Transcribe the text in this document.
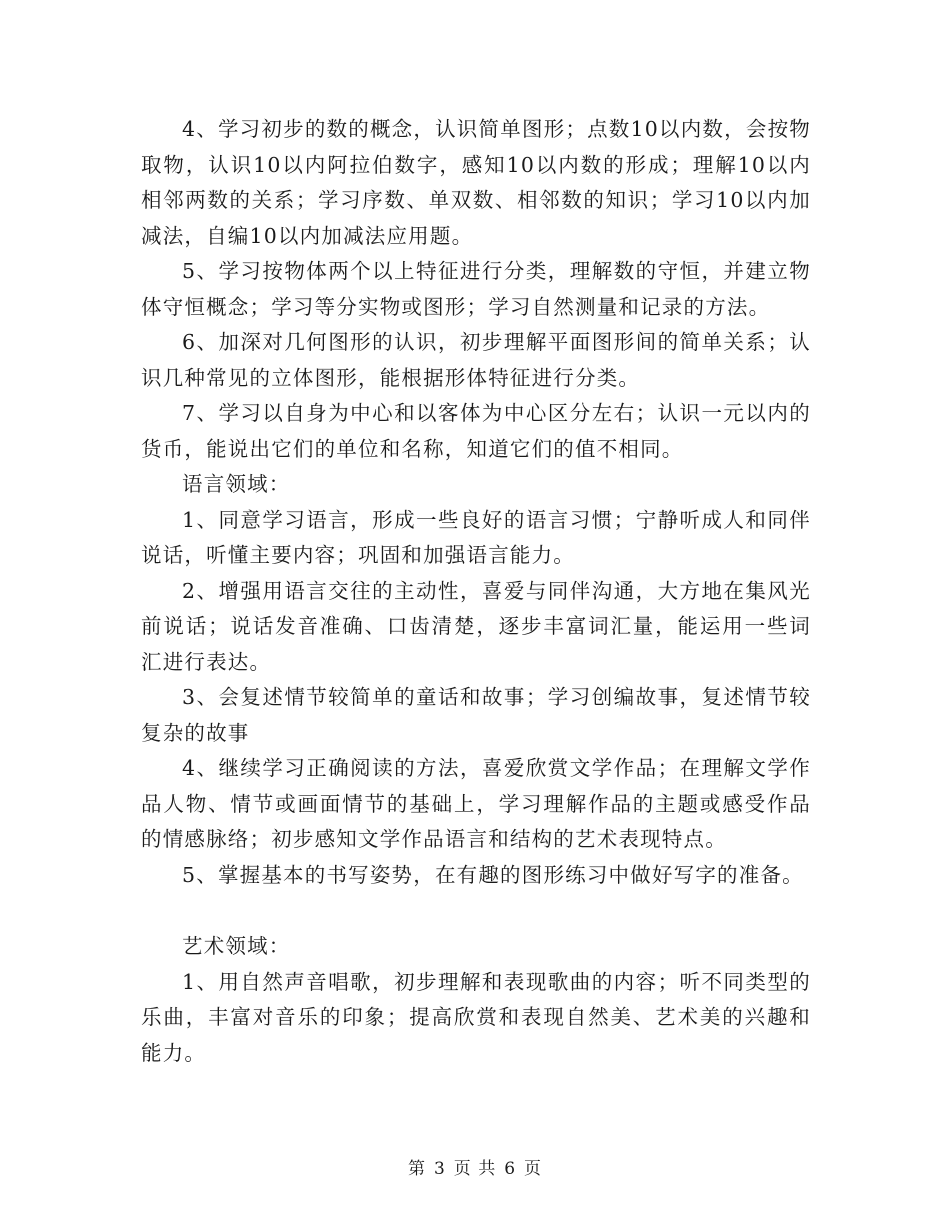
4、学习初步的数的概念，认识简单图形；点数10以内数，会按物取物，认识10以内阿拉伯数字，感知10以内数的形成；理解10以内相邻两数的关系；学习序数、单双数、相邻数的知识；学习10以内加减法，自编10以内加减法应用题。

5、学习按物体两个以上特征进行分类，理解数的守恒，并建立物体守恒概念；学习等分实物或图形；学习自然测量和记录的方法。

6、加深对几何图形的认识，初步理解平面图形间的简单关系；认识几种常见的立体图形，能根据形体特征进行分类。

7、学习以自身为中心和以客体为中心区分左右；认识一元以内的货币，能说出它们的单位和名称，知道它们的值不相同。

语言领域：

1、同意学习语言，形成一些良好的语言习惯；宁静听成人和同伴说话，听懂主要内容；巩固和加强语言能力。

2、增强用语言交往的主动性，喜爱与同伴沟通，大方地在集风光前说话；说话发音准确、口齿清楚，逐步丰富词汇量，能运用一些词汇进行表达。

3、会复述情节较简单的童话和故事；学习创编故事，复述情节较复杂的故事

4、继续学习正确阅读的方法，喜爱欣赏文学作品；在理解文学作品人物、情节或画面情节的基础上，学习理解作品的主题或感受作品的情感脉络；初步感知文学作品语言和结构的艺术表现特点。

5、掌握基本的书写姿势，在有趣的图形练习中做好写字的准备。

艺术领域：

1、用自然声音唱歌，初步理解和表现歌曲的内容；听不同类型的乐曲，丰富对音乐的印象；提高欣赏和表现自然美、艺术美的兴趣和能力。

第 3 页 共 6 页
